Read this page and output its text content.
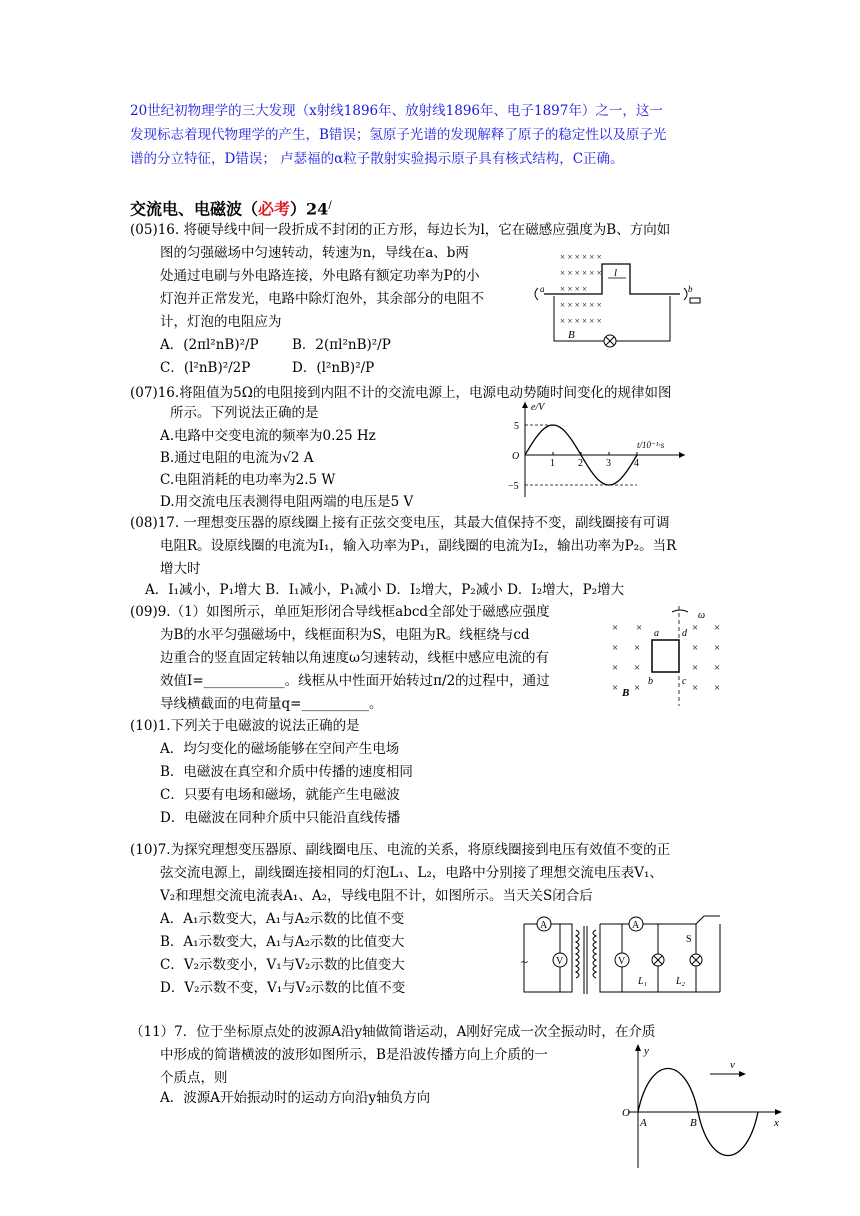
20世纪初物理学的三大发现（x射线1896年、放射线1896年、电子1897年）之一，这一
发现标志着现代物理学的产生，B错误；氢原子光谱的发现解释了原子的稳定性以及原子光
谱的分立特征，D错误； 卢瑟福的α粒子散射实验揭示原子具有核式结构，C正确。
交流电、电磁波（必考）24/
(05)16. 将硬导线中间一段折成不封闭的正方形，每边长为l，它在磁感应强度为B、方向如
图的匀强磁场中匀速转动，转速为n，导线在a、b两
处通过电刷与外电路连接，外电路有额定功率为P的小
灯泡并正常发光，电路中除灯泡外，其余部分的电阻不
计，灯泡的电阻应为
A．(2πl²nB)²/P B．2(πl²nB)²/P
C．(l²nB)²/2P	D．(l²nB)²/P
× × × × × ×
× × × × × ×
× × × ×
× × × × × ×
× × × × × ×
l
a	b
B
(07)16.将阻值为5Ω的电阻接到内阻不计的交流电源上，电源电动势随时间变化的规律如图
所示。下列说法正确的是
A.电路中交变电流的频率为0.25 Hz
B.通过电阻的电流为√2 A
C.电阻消耗的电功率为2.5 W
D.用交流电压表测得电阻两端的电压是5 V
e/V
t/10⁻¹·s
O
5
−5
1 2 3 4
(08)17. 一理想变压器的原线圈上接有正弦交变电压，其最大值保持不变，副线圈接有可调
电阻R。设原线圈的电流为I₁，输入功率为P₁，副线圈的电流为I₂，输出功率为P₂。当R
增大时
A．I₁减小，P₁增大 B．I₁减小，P₁减小 D．I₂增大，P₂减小 D．I₂增大，P₂增大
(09)9.（1）如图所示，单匝矩形闭合导线框abcd全部处于磁感应强度
为B的水平匀强磁场中，线框面积为S，电阻为R。线框绕与cd
边重合的竖直固定转轴以角速度ω匀速转动，线框中感应电流的有
效值I=____________。线框从中性面开始转过π/2的过程中，通过
导线横截面的电荷量q=__________。
× ×	× ×
× ×	× ×
× ×	× ×
× ×	× ×
a d
b	c
B
ω
(10)1.下列关于电磁波的说法正确的是
A．均匀变化的磁场能够在空间产生电场
B．电磁波在真空和介质中传播的速度相同
C．只要有电场和磁场，就能产生电磁波
D．电磁波在同种介质中只能沿直线传播
(10)7.为探究理想变压器原、副线圈电压、电流的关系，将原线圈接到电压有效值不变的正
弦交流电源上，副线圈连接相同的灯泡L₁、L₂，电路中分别接了理想交流电压表V₁、
V₂和理想交流电流表A₁、A₂，导线电阻不计，如图所示。当天关S闭合后
A．A₁示数变大，A₁与A₂示数的比值不变
B．A₁示数变大，A₁与A₂示数的比值变大
C．V₂示数变小，V₁与V₂示数的比值变大
D．V₂示数不变，V₁与V₂示数的比值不变
A
V
~
A
V
L₁	L₂
S
（11）7．位于坐标原点处的波源A沿y轴做简谐运动，A刚好完成一次全振动时，在介质
中形成的简谐横波的波形如图所示，B是沿波传播方向上介质的一
个质点，则
A．波源A开始振动时的运动方向沿y轴负方向
v
y
x
O
A	B
